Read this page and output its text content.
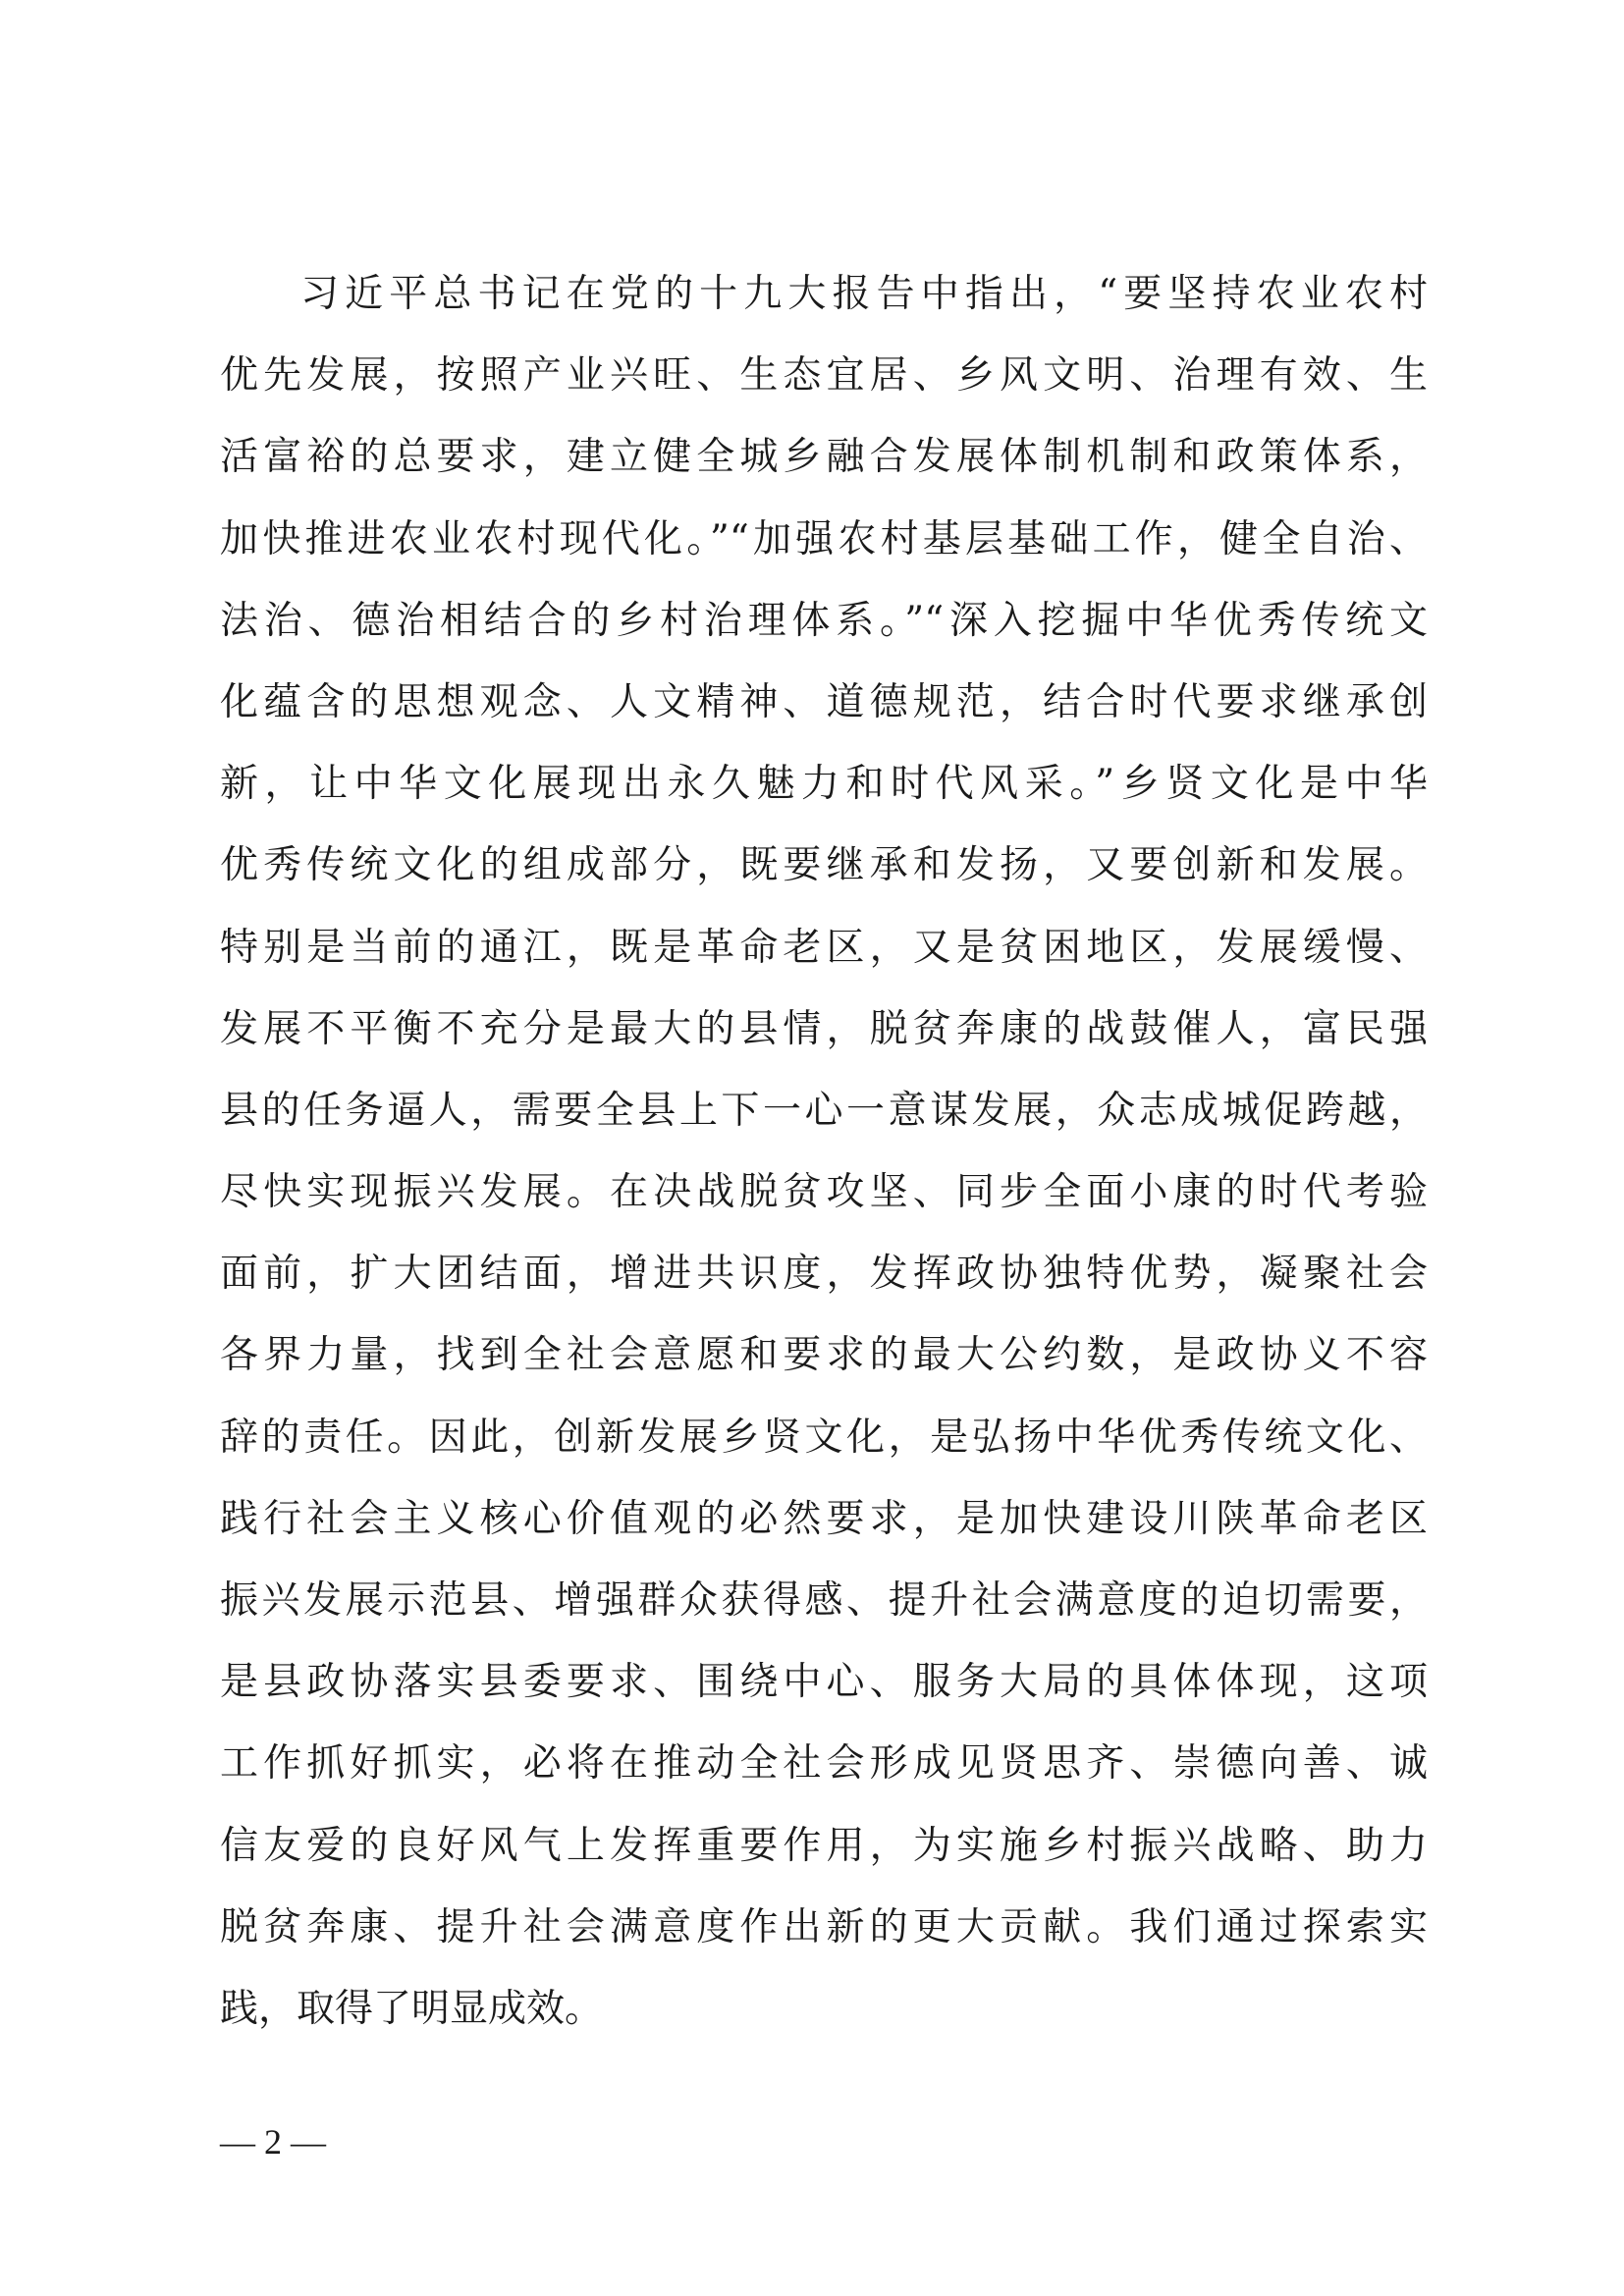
习近平总书记在党的十九大报告中指出，“要坚持农业农村
优先发展，按照产业兴旺、生态宜居、乡风文明、治理有效、生
活富裕的总要求，建立健全城乡融合发展体制机制和政策体系，
加快推进农业农村现代化。”“加强农村基层基础工作，健全自治、
法治、德治相结合的乡村治理体系。”“深入挖掘中华优秀传统文
化蕴含的思想观念、人文精神、道德规范，结合时代要求继承创
新，让中华文化展现出永久魅力和时代风采。”乡贤文化是中华
优秀传统文化的组成部分，既要继承和发扬，又要创新和发展。
特别是当前的通江，既是革命老区，又是贫困地区，发展缓慢、
发展不平衡不充分是最大的县情，脱贫奔康的战鼓催人，富民强
县的任务逼人，需要全县上下一心一意谋发展，众志成城促跨越，
尽快实现振兴发展。在决战脱贫攻坚、同步全面小康的时代考验
面前，扩大团结面，增进共识度，发挥政协独特优势，凝聚社会
各界力量，找到全社会意愿和要求的最大公约数，是政协义不容
辞的责任。因此，创新发展乡贤文化，是弘扬中华优秀传统文化、
践行社会主义核心价值观的必然要求，是加快建设川陕革命老区
振兴发展示范县、增强群众获得感、提升社会满意度的迫切需要，
是县政协落实县委要求、围绕中心、服务大局的具体体现，这项
工作抓好抓实，必将在推动全社会形成见贤思齐、崇德向善、诚
信友爱的良好风气上发挥重要作用，为实施乡村振兴战略、助力
脱贫奔康、提升社会满意度作出新的更大贡献。我们通过探索实
践，取得了明显成效。
— 2 —
